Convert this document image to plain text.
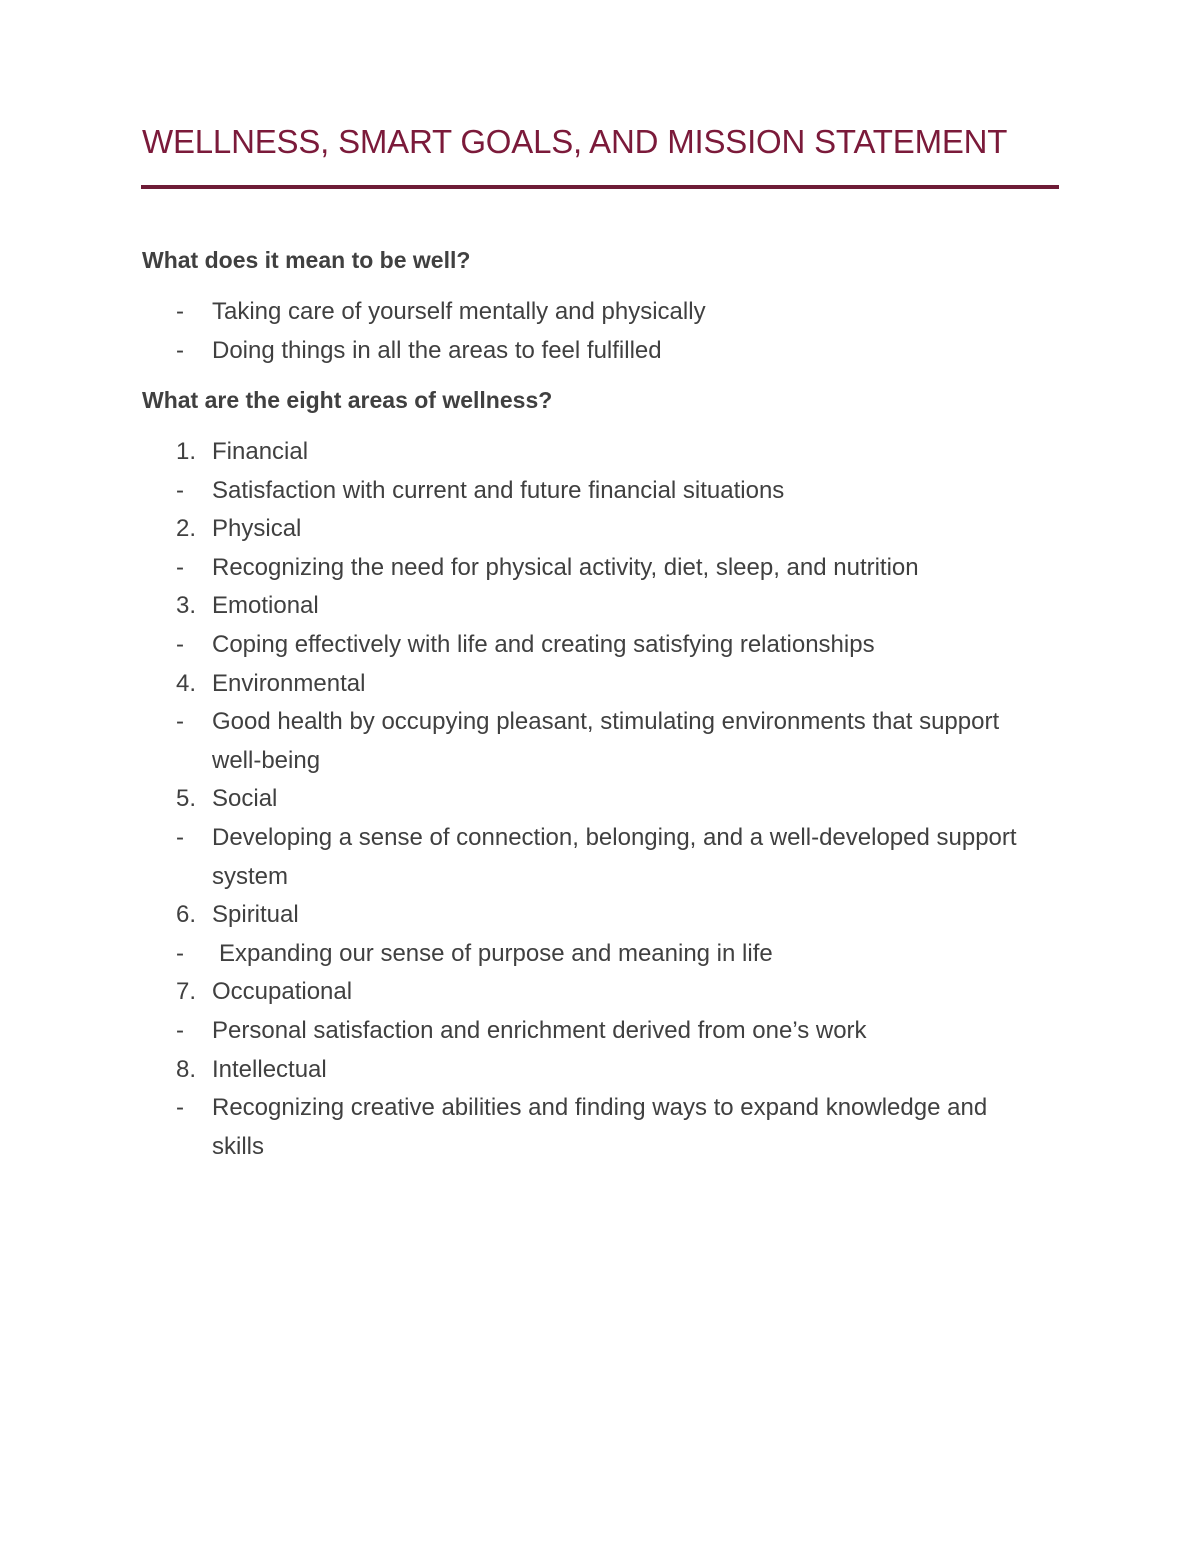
WELLNESS, SMART GOALS, AND MISSION STATEMENT

What does it mean to be well?

-	Taking care of yourself mentally and physically
-	Doing things in all the areas to feel fulfilled

What are the eight areas of wellness?

1. Financial
-	Satisfaction with current and future financial situations
2. Physical
-	Recognizing the need for physical activity, diet, sleep, and nutrition
3. Emotional
-	Coping effectively with life and creating satisfying relationships
4. Environmental
-	Good health by occupying pleasant, stimulating environments that support well-being
5. Social
-	Developing a sense of connection, belonging, and a well-developed support system
6. Spiritual
-	Expanding our sense of purpose and meaning in life
7. Occupational
-	Personal satisfaction and enrichment derived from one’s work
8. Intellectual
-	Recognizing creative abilities and finding ways to expand knowledge and skills
